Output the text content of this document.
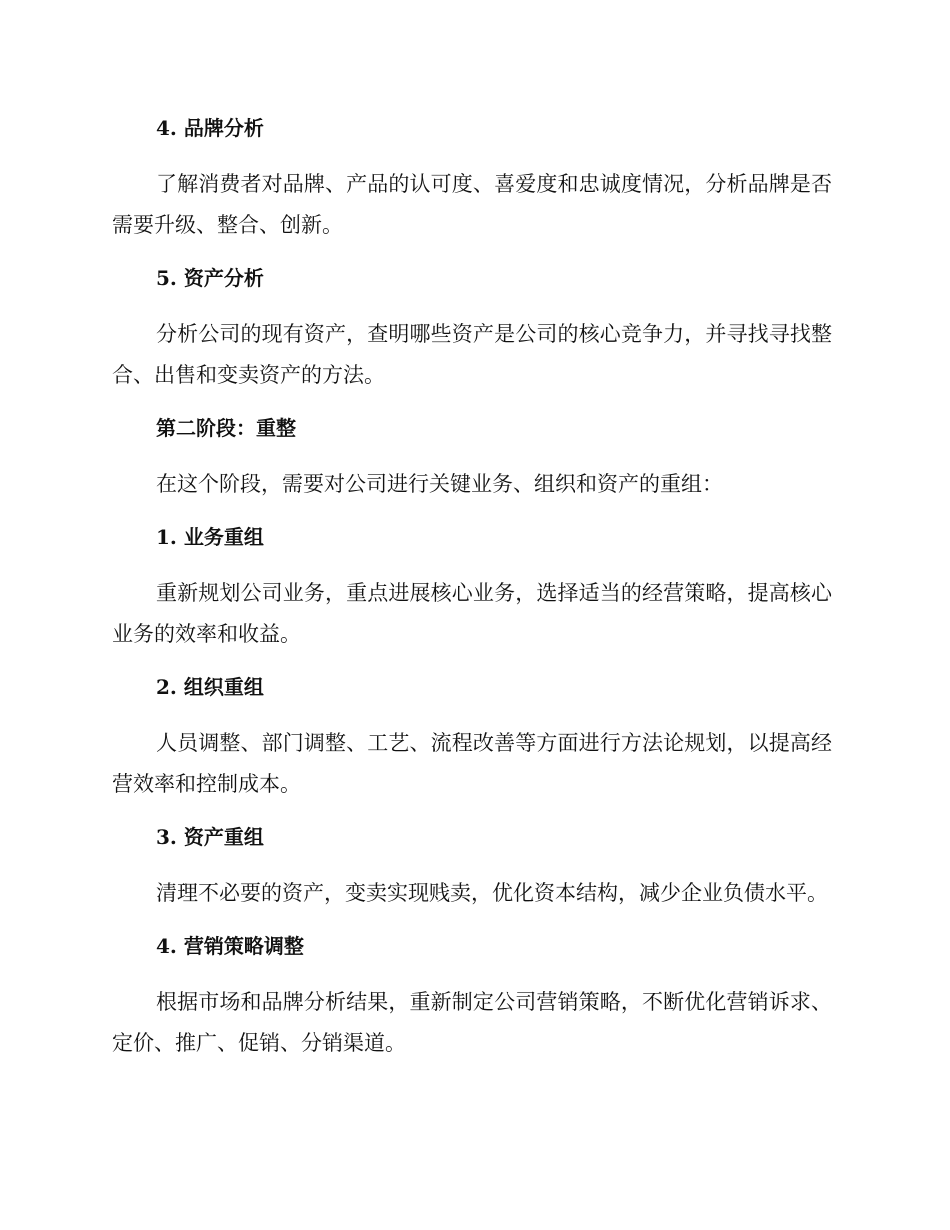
4. 品牌分析

了解消费者对品牌、产品的认可度、喜爱度和忠诚度情况，分析品牌是否需要升级、整合、创新。

5. 资产分析

分析公司的现有资产，查明哪些资产是公司的核心竞争力，并寻找寻找整合、出售和变卖资产的方法。

第二阶段：重整

在这个阶段，需要对公司进行关键业务、组织和资产的重组：

1. 业务重组

重新规划公司业务，重点进展核心业务，选择适当的经营策略，提高核心业务的效率和收益。

2. 组织重组

人员调整、部门调整、工艺、流程改善等方面进行方法论规划，以提高经营效率和控制成本。

3. 资产重组

清理不必要的资产，变卖实现贱卖，优化资本结构，减少企业负债水平。

4. 营销策略调整

根据市场和品牌分析结果，重新制定公司营销策略，不断优化营销诉求、定价、推广、促销、分销渠道。
